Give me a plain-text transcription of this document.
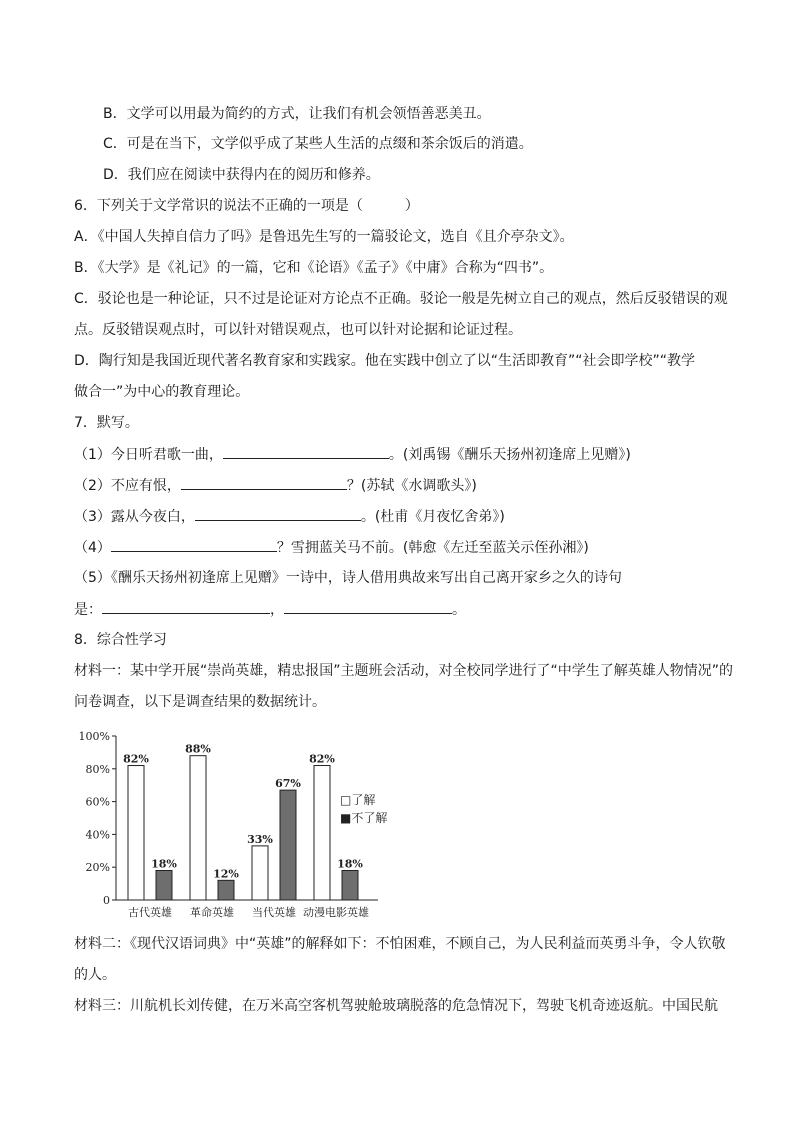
B．文学可以用最为简约的方式，让我们有机会领悟善恶美丑。
C．可是在当下，文学似乎成了某些人生活的点缀和茶余饭后的消遣。
D．我们应在阅读中获得内在的阅历和修养。
6．下列关于文学常识的说法不正确的一项是（　　　）
A．《中国人失掉自信力了吗》是鲁迅先生写的一篇驳论文，选自《且介亭杂文》。
B．《大学》是《礼记》的一篇，它和《论语》《孟子》《中庸》合称为“四书”。
C．驳论也是一种论证，只不过是论证对方论点不正确。驳论一般是先树立自己的观点，然后反驳错误的观
点。反驳错误观点时，可以针对错误观点，也可以针对论据和论证过程。
D．陶行知是我国近现代著名教育家和实践家。他在实践中创立了以“生活即教育”“社会即学校”“教学
做合一”为中心的教育理论。
7．默写。
（1）今日听君歌一曲，	。(刘禹锡《酬乐天扬州初逢席上见赠》)
（2）不应有恨，	？(苏轼《水调歌头》)
（3）露从今夜白，	。(杜甫《月夜忆舍弟》)
（4）	？雪拥蓝关马不前。(韩愈《左迁至蓝关示侄孙湘》)
（5）《酬乐天扬州初逢席上见赠》一诗中，诗人借用典故来写出自己离开家乡之久的诗句
是：	，	。
8．综合性学习
材料一：某中学开展“崇尚英雄，精忠报国”主题班会活动，对全校同学进行了“中学生了解英雄人物情况”的
问卷调查，以下是调查结果的数据统计。
0
20%
40%
60%
80%
100%
82%
18%
古代英雄
88%
12%
革命英雄
33%
67%
当代英雄
82%
18%
动漫电影英雄
□了解
■不了解
材料二：《现代汉语词典》中“英雄”的解释如下：不怕困难，不顾自己，为人民利益而英勇斗争，令人钦敬
的人。
材料三：川航机长刘传健，在万米高空客机驾驶舱玻璃脱落的危急情况下，驾驶飞机奇迹返航。中国民航
